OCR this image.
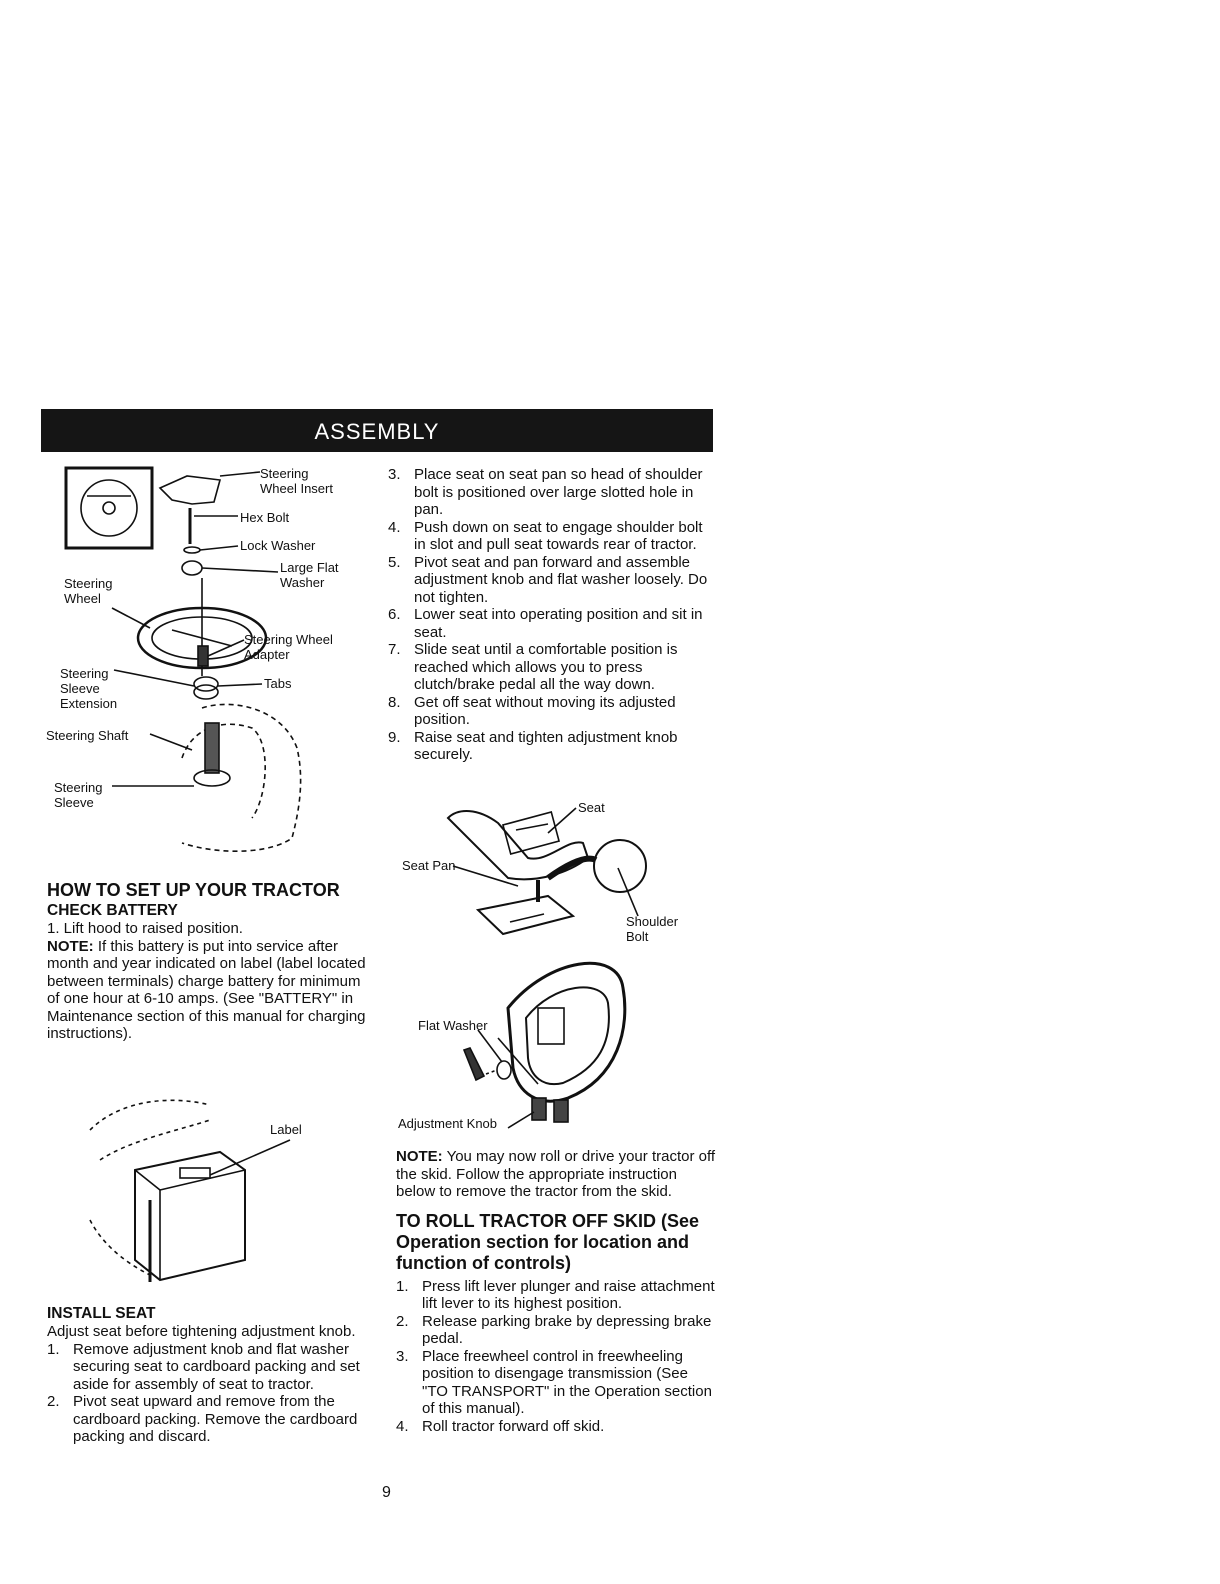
ASSEMBLY
Steering
Wheel Insert
Hex Bolt
Lock Washer
Large Flat
Washer
Steering
Wheel
Steering Wheel
Adapter
Steering
Sleeve
Extension
Tabs
Steering Shaft
Steering
Sleeve

HOW TO SET UP YOUR TRACTOR

CHECK BATTERY

1. Lift hood to raised position.

NOTE: If this battery is put into service after month and year indicated on label (label located between terminals) charge battery for minimum of one hour at 6-10 amps. (See "BATTERY" in Maintenance section of this manual for charging instructions).

Label

INSTALL SEAT

Adjust seat before tightening adjustment knob.

1. Remove adjustment knob and flat washer securing seat to cardboard packing and set aside for assembly of seat to tractor.
2. Pivot seat upward and remove from the cardboard packing. Remove the cardboard packing and discard.
3. Place seat on seat pan so head of shoulder bolt is positioned over large slotted hole in pan.
4. Push down on seat to engage shoulder bolt in slot and pull seat towards rear of tractor.
5. Pivot seat and pan forward and assemble adjustment knob and flat washer loosely. Do not tighten.
6. Lower seat into operating position and sit in seat.
7. Slide seat until a comfortable position is reached which allows you to press clutch/brake pedal all the way down.
8. Get off seat without moving its adjusted position.
9. Raise seat and tighten adjustment knob securely.
Seat
Seat Pan
Shoulder
Bolt
Flat Washer
Adjustment Knob

NOTE: You may now roll or drive your tractor off the skid. Follow the appropriate instruction below to remove the tractor from the skid.

TO ROLL TRACTOR OFF SKID (See Operation section for location and function of controls)

1. Press lift lever plunger and raise attachment lift lever to its highest position.
2. Release parking brake by depressing brake pedal.
3. Place freewheel control in freewheeling position to disengage transmission (See "TO TRANSPORT" in the Operation section of this manual).
4. Roll tractor forward off skid.
9
